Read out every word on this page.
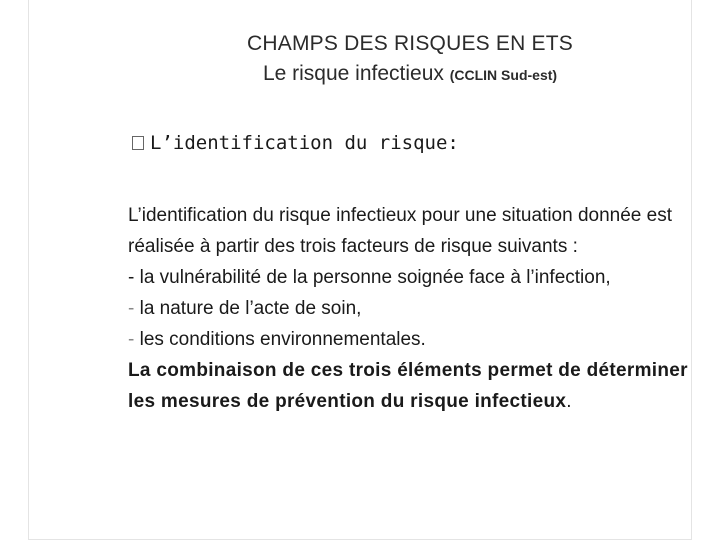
CHAMPS DES RISQUES EN ETS
Le risque infectieux (CCLIN Sud-est)
L’identification du risque:

L’identification du risque infectieux pour une situation donnée est réalisée à partir des trois facteurs de risque suivants :

- la vulnérabilité de la personne soignée face à l’infection,

- la nature de l’acte de soin,

- les conditions environnementales.

La combinaison de ces trois éléments permet de déterminer les mesures de prévention du risque infectieux.
